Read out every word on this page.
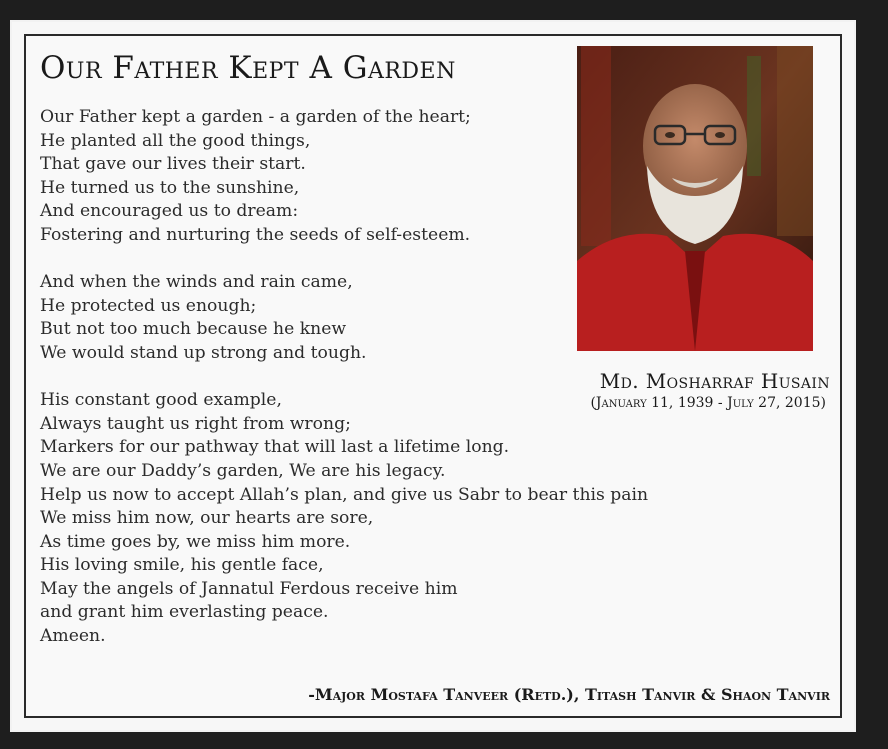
Our Father Kept A Garden

Our Father kept a garden - a garden of the heart;
He planted all the good things,
That gave our lives their start.
He turned us to the sunshine,
And encouraged us to dream:
Fostering and nurturing the seeds of self-esteem.

And when the winds and rain came,
He protected us enough;
But not too much because he knew
We would stand up strong and tough.

His constant good example,
Always taught us right from wrong;
Markers for our pathway that will last a lifetime long.
We are our Daddy’s garden, We are his legacy.
Help us now to accept Allah’s plan, and give us Sabr to bear this pain
We miss him now, our hearts are sore,
As time goes by, we miss him more.
His loving smile, his gentle face,
May the angels of Jannatul Ferdous receive him
and grant him everlasting peace.
Ameen.

Md. Mosharraf Husain
(January 11, 1939 - July 27, 2015)
-Major Mostafa Tanveer (Retd.), Titash Tanvir & Shaon Tanvir
